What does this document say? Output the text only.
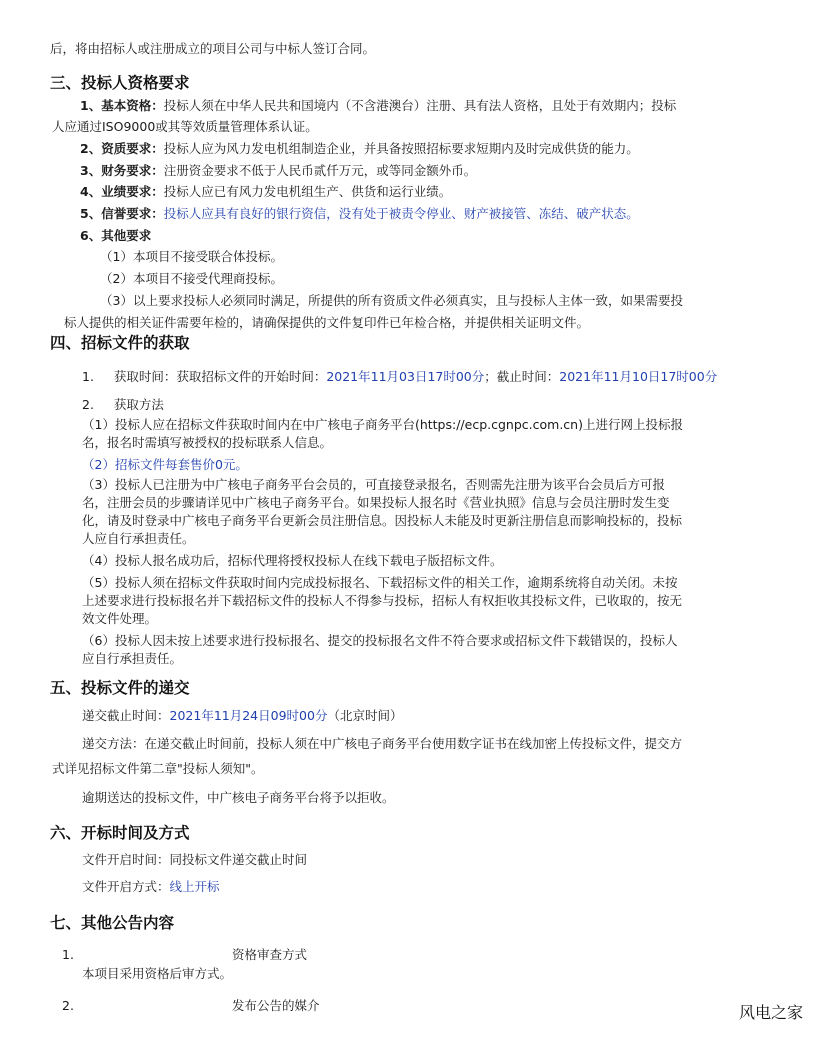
后，将由招标人或注册成立的项目公司与中标人签订合同。
三、投标人资格要求
1、基本资格：投标人须在中华人民共和国境内（不含港澳台）注册、具有法人资格，且处于有效期内；投标
人应通过ISO9000或其等效质量管理体系认证。
2、资质要求：投标人应为风力发电机组制造企业，并具备按照招标要求短期内及时完成供货的能力。
3、财务要求：注册资金要求不低于人民币贰仟万元，或等同金额外币。
4、业绩要求：投标人应已有风力发电机组生产、供货和运行业绩。
5、信誉要求：投标人应具有良好的银行资信，没有处于被责令停业、财产被接管、冻结、破产状态。
6、其他要求
（1）本项目不接受联合体投标。
（2）本项目不接受代理商投标。
（3）以上要求投标人必须同时满足，所提供的所有资质文件必须真实，且与投标人主体一致，如果需要投
标人提供的相关证件需要年检的，请确保提供的文件复印件已年检合格，并提供相关证明文件。
四、招标文件的获取
1. 获取时间：获取招标文件的开始时间：2021年11月03日17时00分；截止时间：2021年11月10日17时00分
2. 获取方法
（1）投标人应在招标文件获取时间内在中广核电子商务平台(https://ecp.cgnpc.com.cn)上进行网上投标报
名，报名时需填写被授权的投标联系人信息。
（2）招标文件每套售价0元。
（3）投标人已注册为中广核电子商务平台会员的，可直接登录报名，否则需先注册为该平台会员后方可报
名，注册会员的步骤请详见中广核电子商务平台。如果投标人报名时《营业执照》信息与会员注册时发生变
化，请及时登录中广核电子商务平台更新会员注册信息。因投标人未能及时更新注册信息而影响投标的，投标
人应自行承担责任。
（4）投标人报名成功后，招标代理将授权投标人在线下载电子版招标文件。
（5）投标人须在招标文件获取时间内完成投标报名、下载招标文件的相关工作，逾期系统将自动关闭。未按
上述要求进行投标报名并下载招标文件的投标人不得参与投标，招标人有权拒收其投标文件，已收取的，按无
效文件处理。
（6）投标人因未按上述要求进行投标报名、提交的投标报名文件不符合要求或招标文件下载错误的，投标人
应自行承担责任。
五、投标文件的递交
递交截止时间：2021年11月24日09时00分（北京时间）
递交方法：在递交截止时间前，投标人须在中广核电子商务平台使用数字证书在线加密上传投标文件，提交方
式详见招标文件第二章"投标人须知"。
逾期送达的投标文件，中广核电子商务平台将予以拒收。
六、开标时间及方式
文件开启时间：同投标文件递交截止时间
文件开启方式：线上开标
七、其他公告内容
1.	资格审查方式
本项目采用资格后审方式。
2.	发布公告的媒介	风电之家
